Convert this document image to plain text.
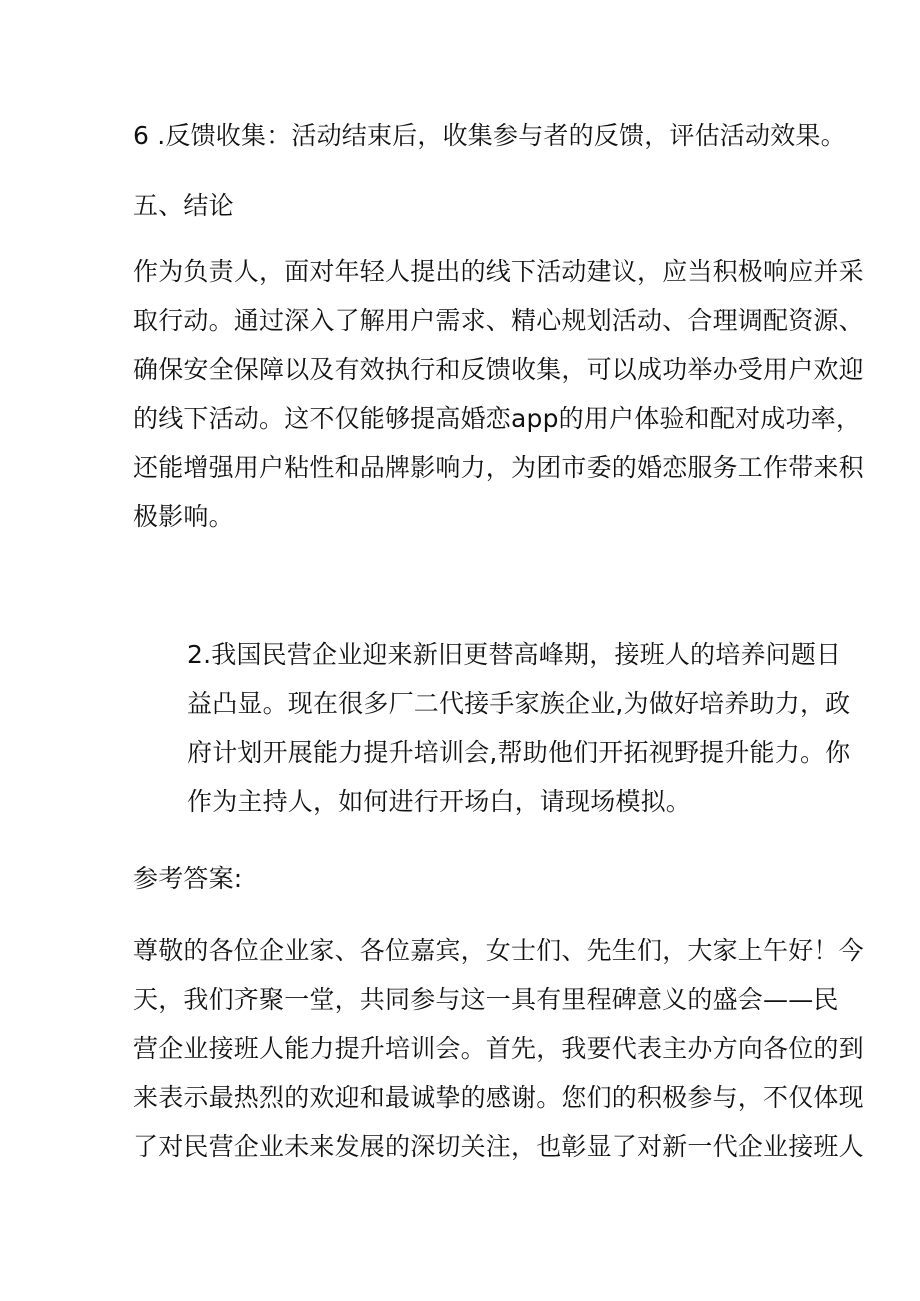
6 .反馈收集：活动结束后，收集参与者的反馈，评估活动效果。
五、结论
作为负责人，面对年轻人提出的线下活动建议，应当积极响应并采
取行动。通过深入了解用户需求、精心规划活动、合理调配资源、
确保安全保障以及有效执行和反馈收集，可以成功举办受用户欢迎
的线下活动。这不仅能够提高婚恋app的用户体验和配对成功率，
还能增强用户粘性和品牌影响力，为团市委的婚恋服务工作带来积
极影响。
2.我国民营企业迎来新旧更替高峰期，接班人的培养问题日
益凸显。现在很多厂二代接手家族企业,为做好培养助力，政
府计划开展能力提升培训会,帮助他们开拓视野提升能力。你
作为主持人，如何进行开场白，请现场模拟。
参考答案:
尊敬的各位企业家、各位嘉宾，女士们、先生们，大家上午好！今
天，我们齐聚一堂，共同参与这一具有里程碑意义的盛会——民
营企业接班人能力提升培训会。首先，我要代表主办方向各位的到
来表示最热烈的欢迎和最诚挚的感谢。您们的积极参与，不仅体现
了对民营企业未来发展的深切关注，也彰显了对新一代企业接班人
